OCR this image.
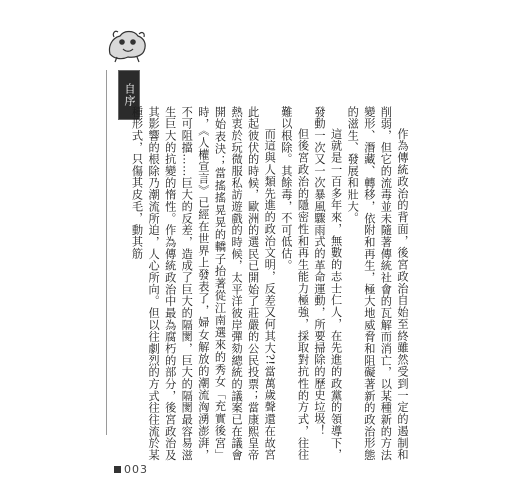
自序

作為傳統政治的背面，後宮政治自始至終雖然受到一定的遏制和削弱，但它的流毒並未隨著傳統社會的瓦解而消亡，以某種新的方法變形、潛藏、轉移，依附和再生，極大地威脅和阻礙著新的政治形態的滋生、發展和壯大。

這就是一百多年來，無數的志士仁人，在先進的政黨的領導下，發動一次又一次暴風驟雨式的革命運動，所要掃除的歷史垃圾！

但後宮政治的隱密性和再生能力極強，採取對抗性的方式，往往難以根除。其餘毒，不可低估。

而這與人類先進的政治文明，反差又何其大?!當萬歲聲還在故宮此起彼伏的時候，歐洲的選民已開始了莊嚴的公民投票；當康熙皇帝熱衷於玩微服私訪遊戲的時候，太平洋彼岸彈劾總統的議案已在議會開始表決；當搖搖晃晃的轎子抬著從江南選來的秀女「充實後宮」時，《人權宣言》已經在世界上發表了，婦女解放的潮流洶湧澎湃，不可阻擋……巨大的反差，造成了巨大的隔閡，巨大的隔閡最容易滋生巨大的抗變的惰性。作為傳統政治中最為腐朽的部分，後宮政治及其影響的根除乃潮流所迫，人心所向。但以往劇烈的方式往往流於某種形式，只傷其皮毛，動其筋

003
